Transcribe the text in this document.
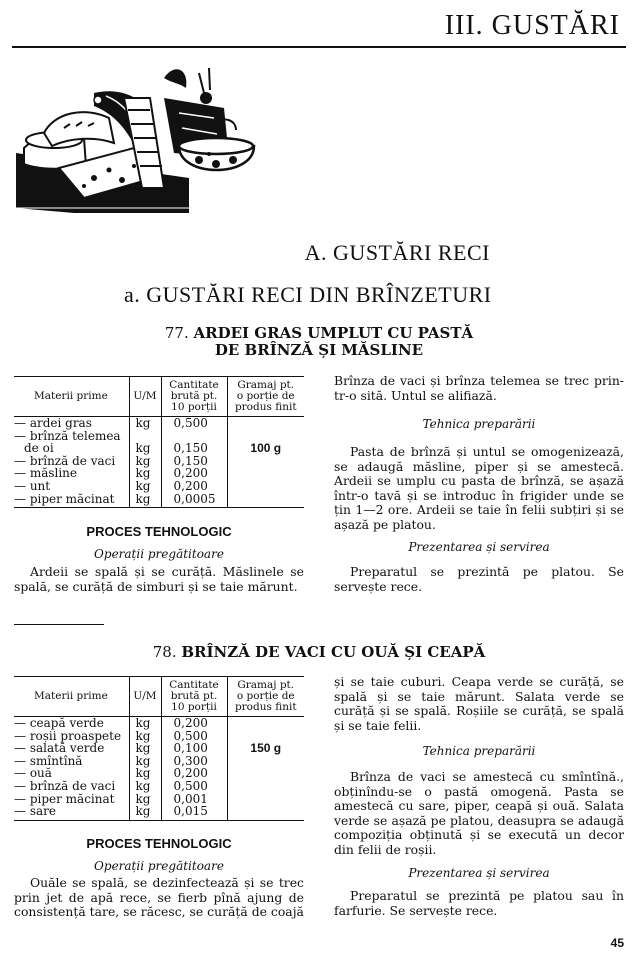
III. GUSTĂRI
A. GUSTĂRI RECI
a. GUSTĂRI RECI DIN BRÎNZETURI
77. ARDEI GRAS UMPLUT CU PASTĂ
DE BRÎNZĂ ȘI MĂSLINE
Materii prime	U/M	Cantitate
brută pt.
10 porții	Gramaj pt.
o porție de
produs finit
— ardei gras	kg	0,500	
— brînză telemea			
de oi	kg	0,150	100 g
— brînză de vaci	kg	0,150	
— măsline	kg	0,200	
— unt	kg	0,200	
— piper măcinat	kg	0,0005	
PROCES TEHNOLOGIC
Operații pregătitoare
Ardeii se spală și se curăță. Măslinele se spală, se curăță de simburi și se taie mărunt.
Brînza de vaci și brînza telemea se trec prin-tr-o sită. Untul se alifiază.
Tehnica preparării
Pasta de brînză și untul se omogenizează, se adaugă măsline, piper și se amestecă. Ardeii se umplu cu pasta de brînză, se așază într-o tavă și se introduc în frigider unde se țin 1—2 ore. Ardeii se taie în felii subțiri și se așază pe platou.
Prezentarea și servirea
Preparatul se prezintă pe platou. Se servește rece.
78. BRÎNZĂ DE VACI CU OUĂ ȘI CEAPĂ
Materii prime	U/M	Cantitate
brută pt.
10 porții	Gramaj pt.
o porție de
produs finit
— ceapă verde	kg	0,200	
— roșii proaspete	kg	0,500	
— salată verde	kg	0,100	150 g
— smîntînă	kg	0,300	
— ouă	kg	0,200	
— brînză de vaci	kg	0,500	
— piper măcinat	kg	0,001	
— sare	kg	0,015	
PROCES TEHNOLOGIC
Operații pregătitoare
Ouăle se spală, se dezinfectează și se trec prin jet de apă rece, se fierb pînă ajung de consistență tare, se răcesc, se curăță de coajă
și se taie cuburi. Ceapa verde se curăță, se spală și se taie mărunt. Salata verde se curăță și se spală. Roșiile se curăță, se spală și se taie felii.
Tehnica preparării
Brînza de vaci se amestecă cu smîntînă., obținîndu-se o pastă omogenă. Pasta se amestecă cu sare, piper, ceapă și ouă. Salata verde se așază pe platou, deasupra se adaugă compoziția obținută și se execută un decor din felii de roșii.
Prezentarea și servirea
Preparatul se prezintă pe platou sau în farfurie. Se servește rece.
45
